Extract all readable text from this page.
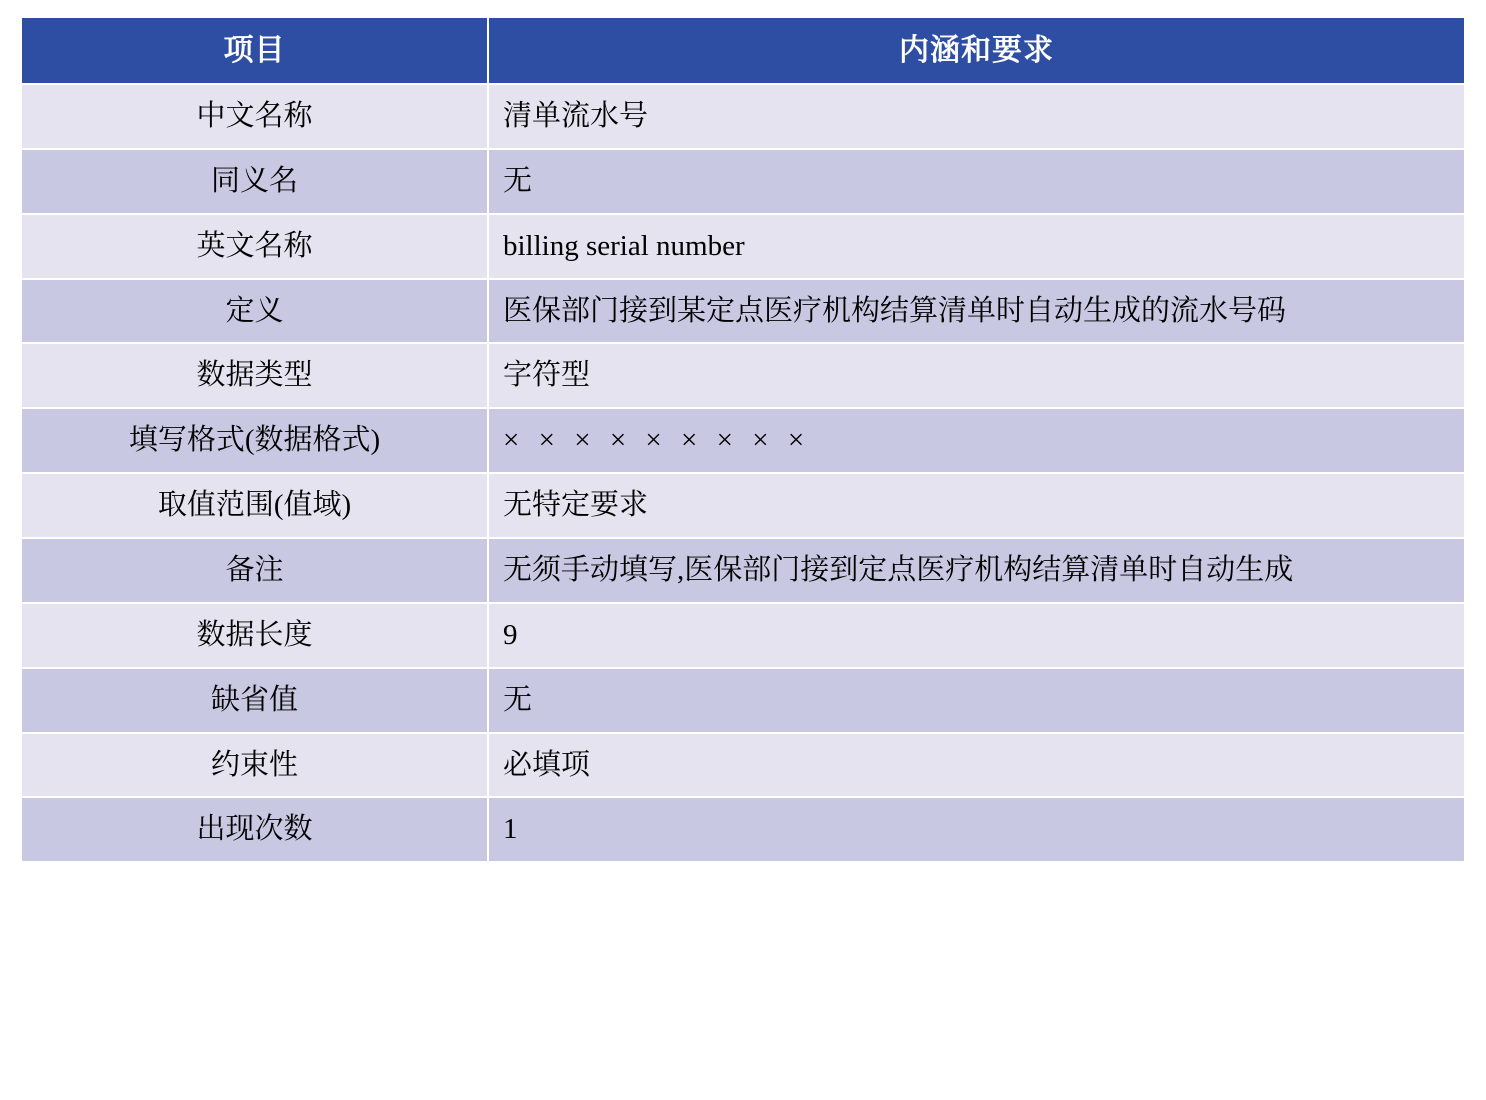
项目	内涵和要求
中文名称	清单流水号
同义名	无
英文名称	billing serial number
定义	医保部门接到某定点医疗机构结算清单时自动生成的流水号码
数据类型	字符型
填写格式(数据格式)	× × × × × × × × ×
取值范围(值域)	无特定要求
备注	无须手动填写,医保部门接到定点医疗机构结算清单时自动生成
数据长度	9
缺省值	无
约束性	必填项
出现次数	1
